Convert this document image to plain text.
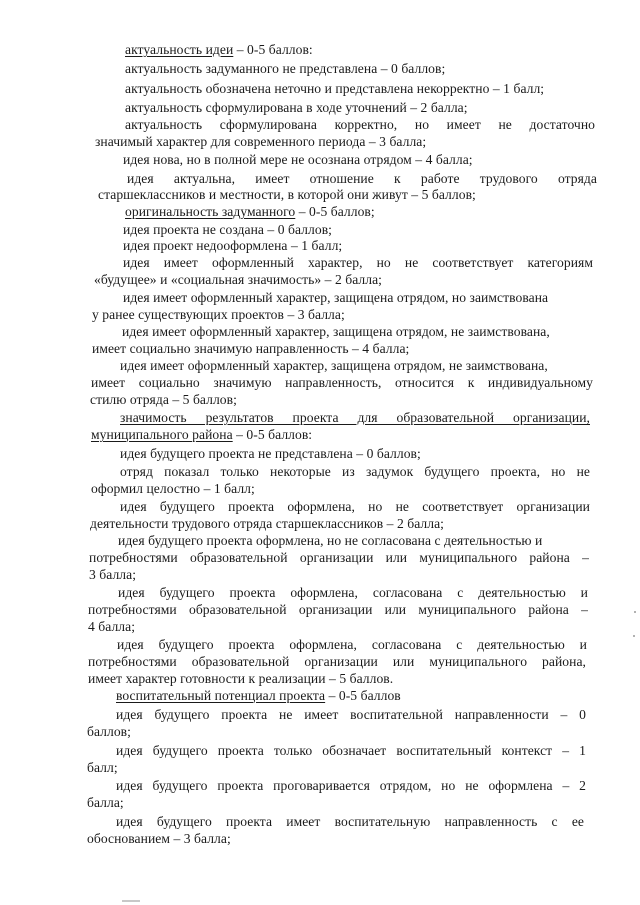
актуальность идеи – 0-5 баллов:
актуальность задуманного не представлена – 0 баллов;
актуальность обозначена неточно и представлена некорректно – 1 балл;
актуальность сформулирована в ходе уточнений – 2 балла;
актуальность сформулирована корректно, но имеет не достаточно
значимый характер для современного периода – 3 балла;
идея нова, но в полной мере не осознана отрядом – 4 балла;
идея актуальна, имеет отношение к работе трудового отряда
старшеклассников и местности, в которой они живут – 5 баллов;
оригинальность задуманного – 0-5 баллов;
идея проекта не создана – 0 баллов;
идея проект недооформлена – 1 балл;
идея имеет оформленный характер, но не соответствует категориям
«будущее» и «социальная значимость» – 2 балла;
идея имеет оформленный характер, защищена отрядом, но заимствована
у ранее существующих проектов – 3 балла;
идея имеет оформленный характер, защищена отрядом, не заимствована,
имеет социально значимую направленность – 4 балла;
идея имеет оформленный характер, защищена отрядом, не заимствована,
имеет социально значимую направленность, относится к индивидуальному
стилю отряда – 5 баллов;
значимость результатов проекта для образовательной организации,
муниципального района – 0-5 баллов:
идея будущего проекта не представлена – 0 баллов;
отряд показал только некоторые из задумок будущего проекта, но не
оформил целостно – 1 балл;
идея будущего проекта оформлена, но не соответствует организации
деятельности трудового отряда старшеклассников – 2 балла;
идея будущего проекта оформлена, но не согласована с деятельностью и
потребностями образовательной организации или муниципального района –
3 балла;
идея будущего проекта оформлена, согласована с деятельностью и
потребностями образовательной организации или муниципального района –
4 балла;
идея будущего проекта оформлена, согласована с деятельностью и
потребностями образовательной организации или муниципального района,
имеет характер готовности к реализации – 5 баллов.
воспитательный потенциал проекта – 0-5 баллов
идея будущего проекта не имеет воспитательной направленности – 0
баллов;
идея будущего проекта только обозначает воспитательный контекст – 1
балл;
идея будущего проекта проговаривается отрядом, но не оформлена – 2
балла;
идея будущего проекта имеет воспитательную направленность с ее
обоснованием – 3 балла;
